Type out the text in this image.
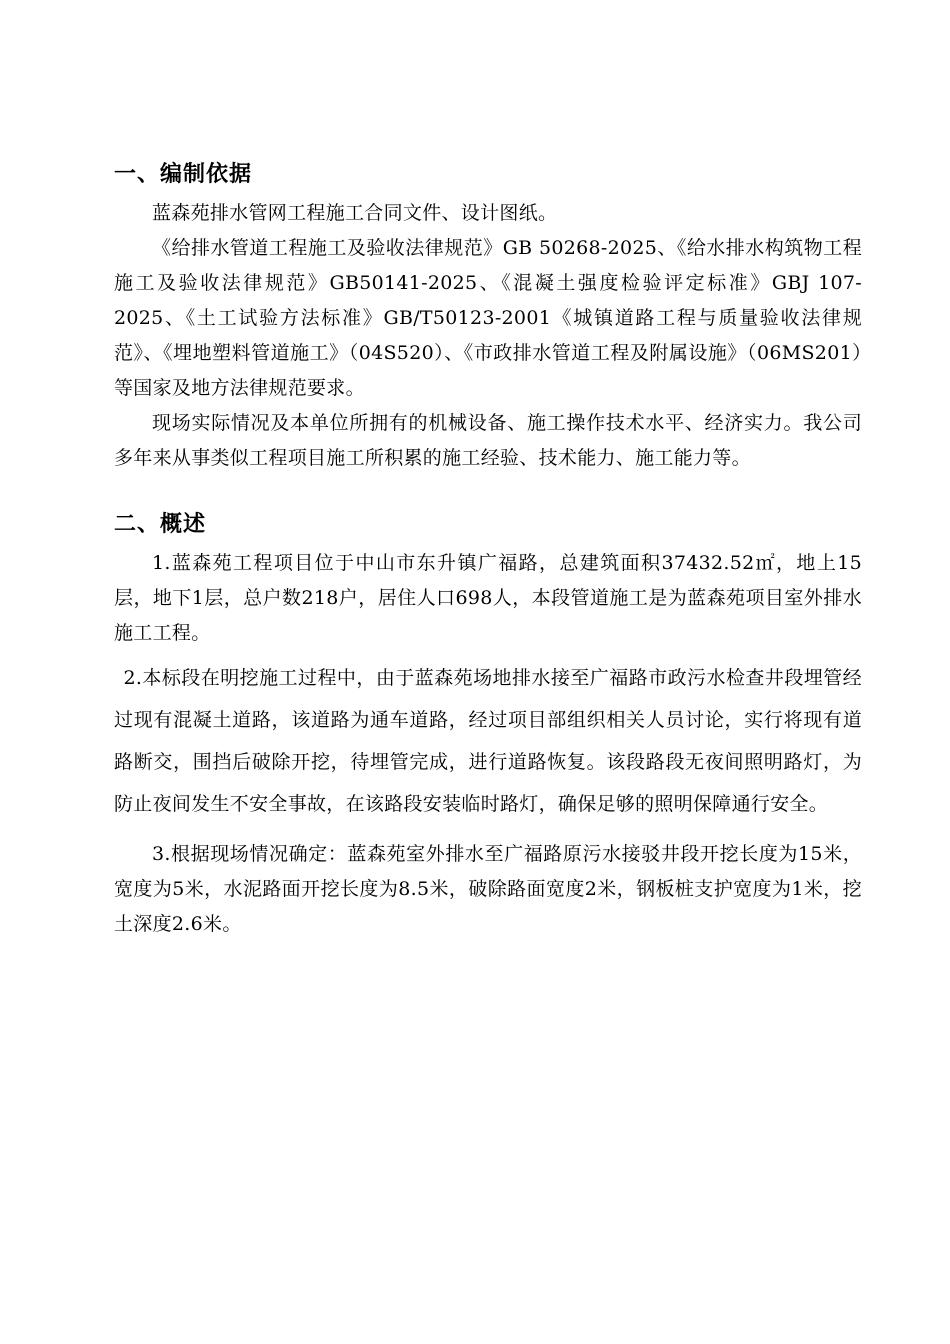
一、编制依据

蓝森苑排水管网工程施工合同文件、设计图纸。

《给排水管道工程施工及验收法律规范》GB 50268-2025、《给水排水构筑物工程施工及验收法律规范》GB50141-2025、《混凝土强度检验评定标准》GBJ 107-2025、《土工试验方法标准》GB/T50123-2001《城镇道路工程与质量验收法律规范》、《埋地塑料管道施工》（04S520）、《市政排水管道工程及附属设施》（06MS201）等国家及地方法律规范要求。

现场实际情况及本单位所拥有的机械设备、施工操作技术水平、经济实力。我公司多年来从事类似工程项目施工所积累的施工经验、技术能力、施工能力等。

二、概述

1.蓝森苑工程项目位于中山市东升镇广福路，总建筑面积37432.52㎡，地上15层，地下1层，总户数218户，居住人口698人，本段管道施工是为蓝森苑项目室外排水施工工程。

2.本标段在明挖施工过程中，由于蓝森苑场地排水接至广福路市政污水检查井段埋管经过现有混凝土道路，该道路为通车道路，经过项目部组织相关人员讨论，实行将现有道路断交，围挡后破除开挖，待埋管完成，进行道路恢复。该段路段无夜间照明路灯，为防止夜间发生不安全事故，在该路段安装临时路灯，确保足够的照明保障通行安全。

3.根据现场情况确定：蓝森苑室外排水至广福路原污水接驳井段开挖长度为15米，宽度为5米，水泥路面开挖长度为8.5米，破除路面宽度2米，钢板桩支护宽度为1米，挖土深度2.6米。
